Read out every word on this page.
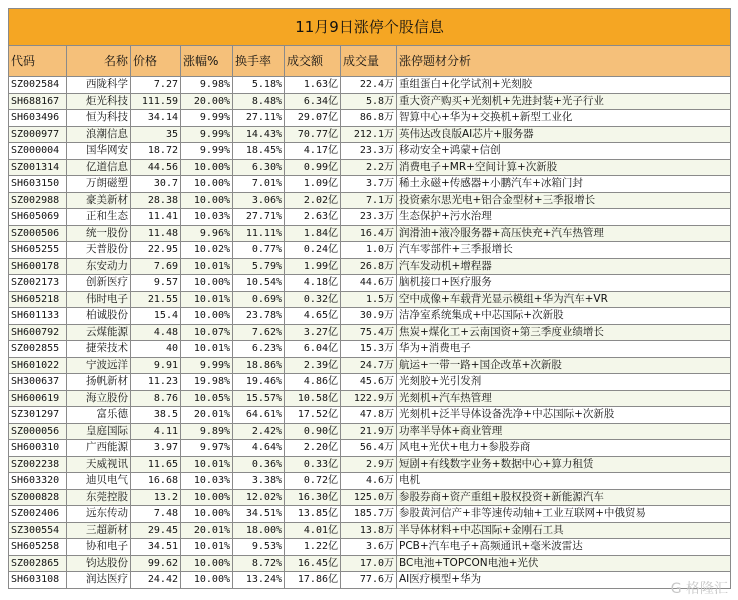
11月9日涨停个股信息							
代码	名称	价格	涨幅%	换手率	成交额	成交量	涨停题材分析
SZ002584	西陇科学	7.27	9.98%	5.18%	1.63亿	22.4万	重组蛋白+化学试剂+光刻胶
SH688167	炬光科技	111.59	20.00%	8.48%	6.34亿	5.8万	重大资产购买+光刻机+先进封装+光子行业
SH603496	恒为科技	34.14	9.99%	27.11%	29.07亿	86.8万	智算中心+华为+交换机+新型工业化
SZ000977	浪潮信息	35	9.99%	14.43%	70.77亿	212.1万	英伟达改良版AI芯片+服务器
SZ000004	国华网安	18.72	9.99%	18.45%	4.17亿	23.3万	移动安全+鸿蒙+信创
SZ001314	亿道信息	44.56	10.00%	6.30%	0.99亿	2.2万	消费电子+MR+空间计算+次新股
SH603150	万朗磁塑	30.7	10.00%	7.01%	1.09亿	3.7万	稀土永磁+传感器+小鹏汽车+冰箱门封
SZ002988	豪美新材	28.38	10.00%	3.06%	2.02亿	7.1万	投资索尔思光电+铝合金型材+三季报增长
SH605069	正和生态	11.41	10.03%	27.71%	2.63亿	23.3万	生态保护+污水治理
SZ000506	统一股份	11.48	9.96%	11.11%	1.84亿	16.4万	润滑油+液冷服务器+高压快充+汽车热管理
SH605255	天普股份	22.95	10.02%	0.77%	0.24亿	1.0万	汽车零部件+三季报增长
SH600178	东安动力	7.69	10.01%	5.79%	1.99亿	26.8万	汽车发动机+增程器
SZ002173	创新医疗	9.57	10.00%	10.54%	4.18亿	44.6万	脑机接口+医疗服务
SH605218	伟时电子	21.55	10.01%	0.69%	0.32亿	1.5万	空中成像+车载背光显示模组+华为汽车+VR
SH601133	柏诚股份	15.4	10.00%	23.78%	4.65亿	30.9万	洁净室系统集成+中芯国际+次新股
SH600792	云煤能源	4.48	10.07%	7.62%	3.27亿	75.4万	焦炭+煤化工+云南国资+第三季度业绩增长
SZ002855	捷荣技术	40	10.01%	6.23%	6.04亿	15.3万	华为+消费电子
SH601022	宁波远洋	9.91	9.99%	18.86%	2.39亿	24.7万	航运+一带一路+国企改革+次新股
SH300637	扬帆新材	11.23	19.98%	19.46%	4.86亿	45.6万	光刻胶+光引发剂
SH600619	海立股份	8.76	10.05%	15.57%	10.58亿	122.9万	光刻机+汽车热管理
SZ301297	富乐德	38.5	20.01%	64.61%	17.52亿	47.8万	光刻机+泛半导体设备洗净+中芯国际+次新股
SZ000056	皇庭国际	4.11	9.89%	2.42%	0.90亿	21.9万	功率半导体+商业管理
SH600310	广西能源	3.97	9.97%	4.64%	2.20亿	56.4万	风电+光伏+电力+参股券商
SZ002238	天威视讯	11.65	10.01%	0.36%	0.33亿	2.9万	短剧+有线数字业务+数据中心+算力租赁
SH603320	迪贝电气	16.68	10.03%	3.38%	0.72亿	4.6万	电机
SZ000828	东莞控股	13.2	10.00%	12.02%	16.30亿	125.0万	参股券商+资产重组+股权投资+新能源汽车
SZ002406	远东传动	7.48	10.00%	34.51%	13.85亿	185.7万	参股黄河信产+非等速传动轴+工业互联网+中俄贸易
SZ300554	三超新材	29.45	20.01%	18.00%	4.01亿	13.8万	半导体材料+中芯国际+金刚石工具
SH605258	协和电子	34.51	10.01%	9.53%	1.22亿	3.6万	PCB+汽车电子+高频通讯+毫米波雷达
SZ002865	钧达股份	99.62	10.00%	8.72%	16.45亿	17.0万	BC电池+TOPCON电池+光伏
SH603108	润达医疗	24.42	10.00%	13.24%	17.86亿	77.6万	AI医疗模型+华为
G 格隆汇
